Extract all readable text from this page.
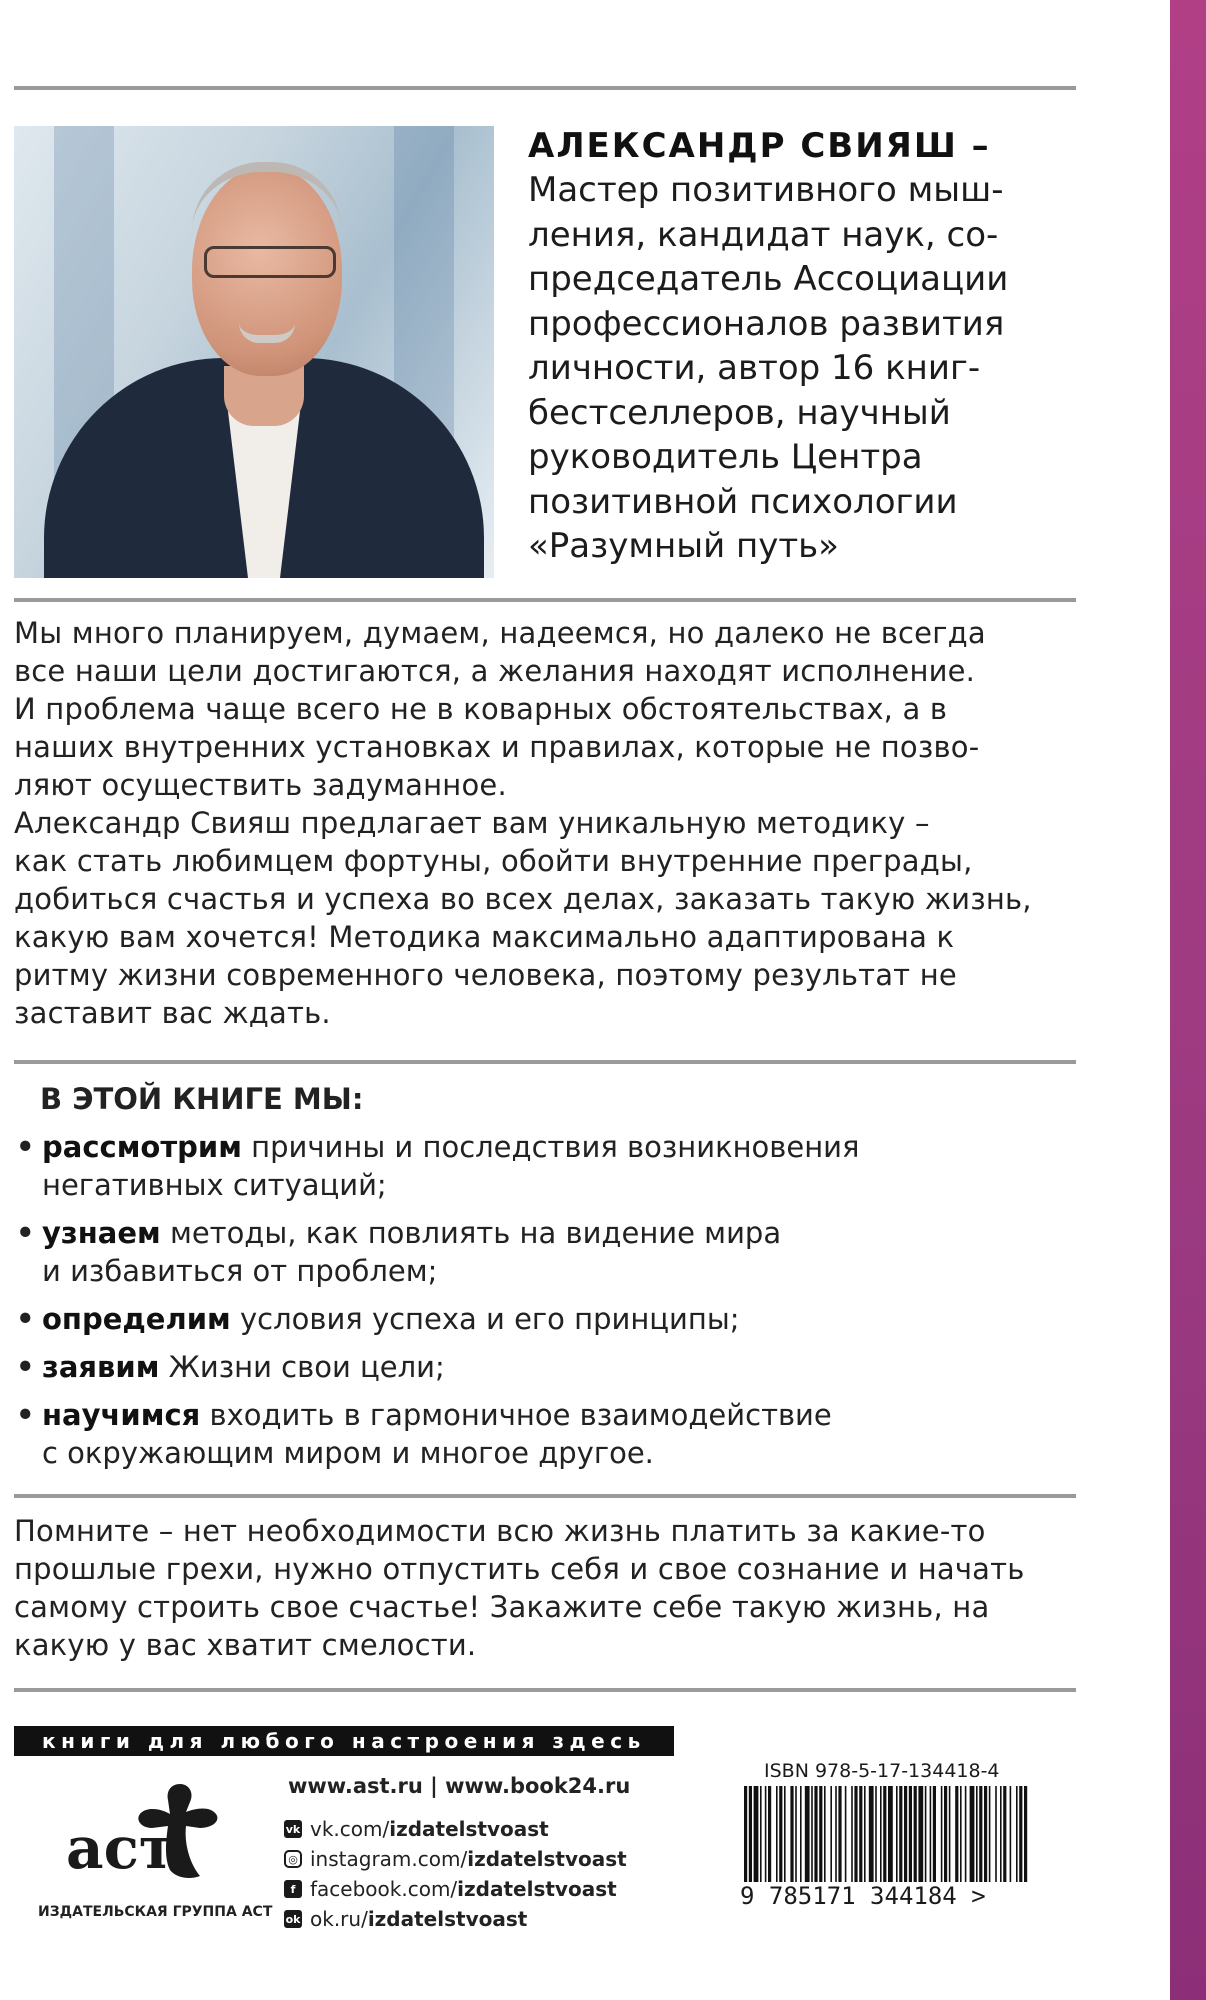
АЛЕКСАНДР СВИЯШ –

Мастер позитивного мыш-
ления, кандидат наук, со-
председатель Ассоциации
профессионалов развития
личности, автор 16 книг-
бестселлеров, научный
руководитель Центра
позитивной психологии
«Разумный путь»

Мы много планируем, думаем, надеемся, но далеко не всегда
все наши цели достигаются, а желания находят исполнение.
И проблема чаще всего не в коварных обстоятельствах, а в
наших внутренних установках и правилах, которые не позво-
ляют осуществить задуманное.
Александр Свияш предлагает вам уникальную методику –
как стать любимцем фортуны, обойти внутренние преграды,
добиться счастья и успеха во всех делах, заказать такую жизнь,
какую вам хочется! Методика максимально адаптирована к
ритму жизни современного человека, поэтому результат не
заставит вас ждать.

В ЭТОЙ КНИГЕ МЫ:
• рассмотрим причины и последствия возникновения
негативных ситуаций;
• узнаем методы, как повлиять на видение мира
и избавиться от проблем;
• определим условия успеха и его принципы;
• заявим Жизни свои цели;
• научимся входить в гармоничное взаимодействие
с окружающим миром и многое другое.

Помните – нет необходимости всю жизнь платить за какие-то
прошлые грехи, нужно отпустить себя и свое сознание и начать
самому строить свое счастье! Закажите себе такую жизнь, на
какую у вас хватит смелости.

книги для любого настроения здесь
аст

ИЗДАТЕЛЬСКАЯ ГРУППА АСТ

www.ast.ru | www.book24.ru

vk vk.com/ izdatelstvoast
◎ instagram.com/ izdatelstvoast
f facebook.com/ izdatelstvoast
ok ok.ru/ izdatelstvoast

ISBN 978-5-17-134418-4

9 785171 344184 >
